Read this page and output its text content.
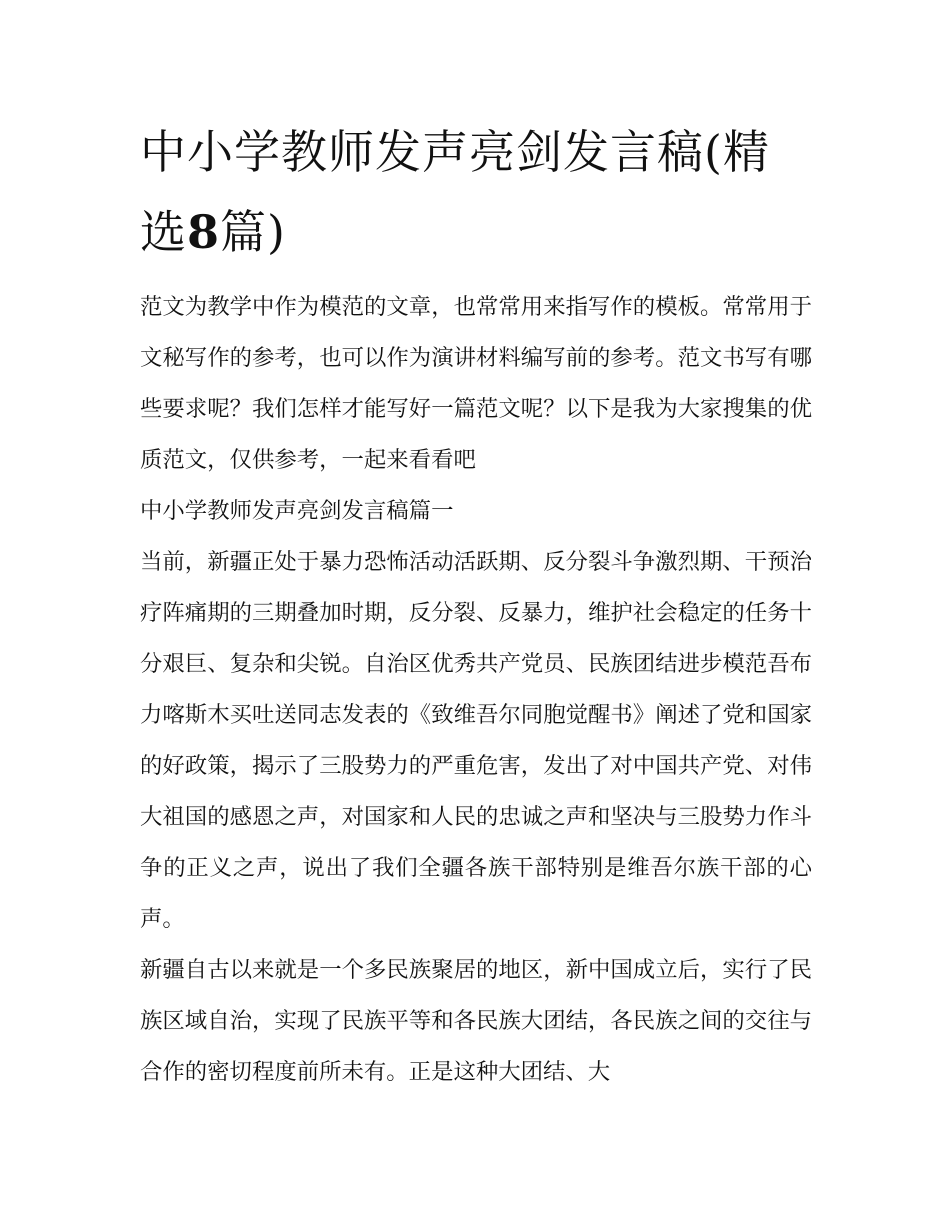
中小学教师发声亮剑发言稿(精选8篇)

范文为教学中作为模范的文章，也常常用来指写作的模板。常常用于文秘写作的参考，也可以作为演讲材料编写前的参考。范文书写有哪些要求呢？我们怎样才能写好一篇范文呢？以下是我为大家搜集的优质范文，仅供参考，一起来看看吧

中小学教师发声亮剑发言稿篇一

当前，新疆正处于暴力恐怖活动活跃期、反分裂斗争激烈期、干预治疗阵痛期的三期叠加时期，反分裂、反暴力，维护社会稳定的任务十分艰巨、复杂和尖锐。自治区优秀共产党员、民族团结进步模范吾布力喀斯木买吐送同志发表的《致维吾尔同胞觉醒书》阐述了党和国家的好政策，揭示了三股势力的严重危害，发出了对中国共产党、对伟大祖国的感恩之声，对国家和人民的忠诚之声和坚决与三股势力作斗争的正义之声，说出了我们全疆各族干部特别是维吾尔族干部的心声。

新疆自古以来就是一个多民族聚居的地区，新中国成立后，实行了民族区域自治，实现了民族平等和各民族大团结，各民族之间的交往与合作的密切程度前所未有。正是这种大团结、大
